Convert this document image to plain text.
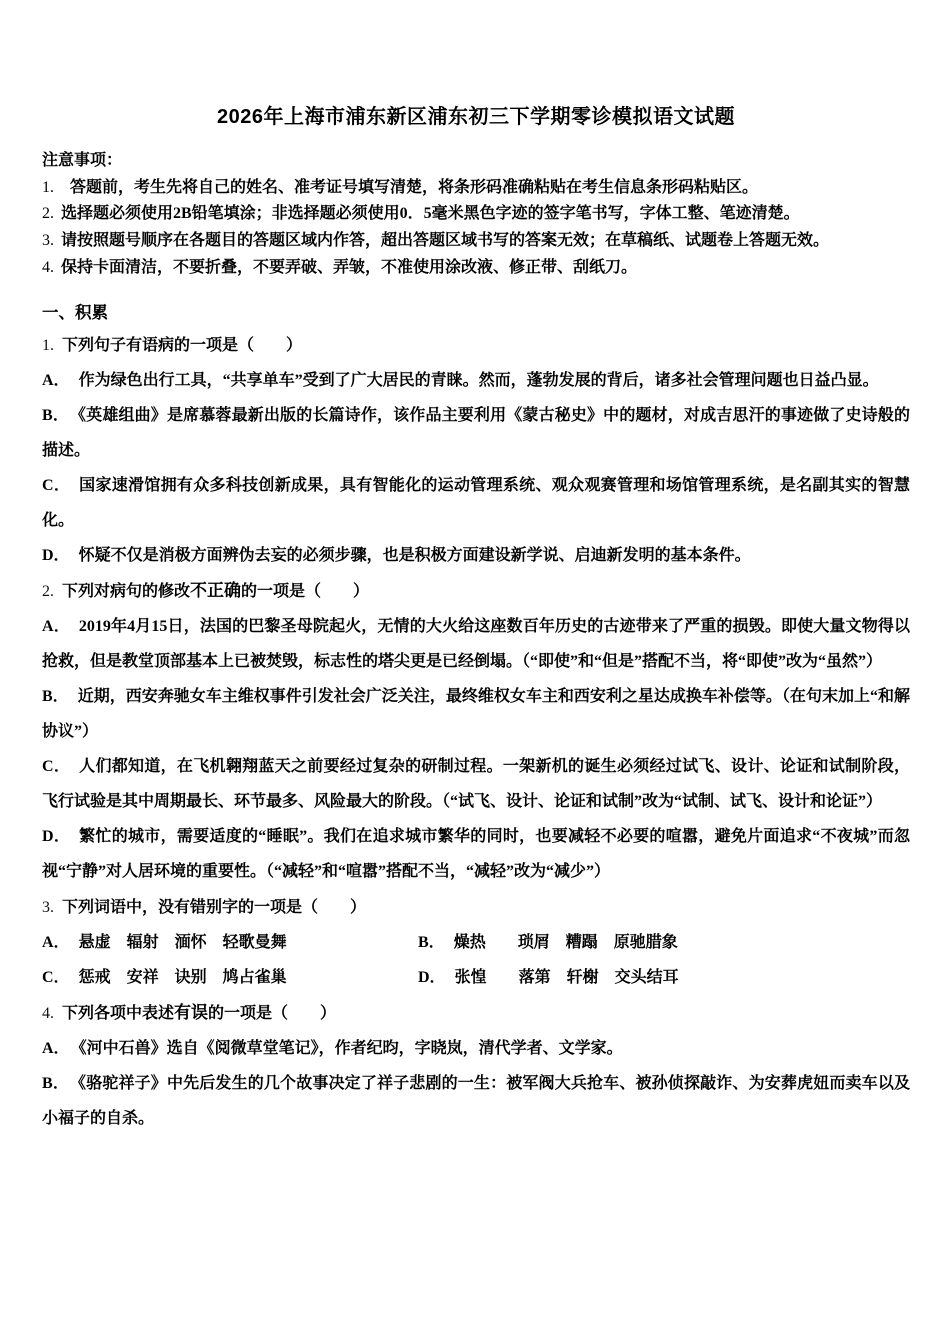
2026年上海市浦东新区浦东初三下学期零诊模拟语文试题

注意事项：

1. 答题前，考生先将自己的姓名、准考证号填写清楚，将条形码准确粘贴在考生信息条形码粘贴区。

2. 选择题必须使用2B铅笔填涂；非选择题必须使用0．5毫米黑色字迹的签字笔书写，字体工整、笔迹清楚。

3. 请按照题号顺序在各题目的答题区域内作答，超出答题区域书写的答案无效；在草稿纸、试题卷上答题无效。

4. 保持卡面清洁，不要折叠，不要弄破、弄皱，不准使用涂改液、修正带、刮纸刀。

一、积累

1. 下列句子有语病的一项是（　　）

A． 作为绿色出行工具，“共享单车”受到了广大居民的青睐。然而，蓬勃发展的背后，诸多社会管理问题也日益凸显。

B． 《英雄组曲》是席慕蓉最新出版的长篇诗作，该作品主要利用《蒙古秘史》中的题材，对成吉思汗的事迹做了史诗般的描述。

C． 国家速滑馆拥有众多科技创新成果，具有智能化的运动管理系统、观众观赛管理和场馆管理系统，是名副其实的智慧化。

D． 怀疑不仅是消极方面辨伪去妄的必须步骤，也是积极方面建设新学说、启迪新发明的基本条件。

2. 下列对病句的修改不正确的一项是（　　）

A． 2019年4月15日，法国的巴黎圣母院起火，无情的大火给这座数百年历史的古迹带来了严重的损毁。即使大量文物得以抢救，但是教堂顶部基本上已被焚毁，标志性的塔尖更是已经倒塌。（“即使”和“但是”搭配不当，将“即使”改为“虽然”）

B． 近期，西安奔驰女车主维权事件引发社会广泛关注，最终维权女车主和西安利之星达成换车补偿等。（在句末加上“和解协议”）

C． 人们都知道，在飞机翱翔蓝天之前要经过复杂的研制过程。一架新机的诞生必须经过试飞、设计、论证和试制阶段，飞行试验是其中周期最长、环节最多、风险最大的阶段。（“试飞、设计、论证和试制”改为“试制、试飞、设计和论证”）

D． 繁忙的城市，需要适度的“睡眠”。我们在追求城市繁华的同时，也要减轻不必要的喧嚣，避免片面追求“不夜城”而忽视“宁静”对人居环境的重要性。（“减轻”和“喧嚣”搭配不当，“减轻”改为“减少”）

3. 下列词语中，没有错别字的一项是（　　）

A． 悬虚　辐射　湎怀　轻歌曼舞	B． 燥热　　琐屑　糟蹋　原驰腊象

C． 惩戒　安祥　诀别　鸠占雀巢	D． 张惶　　落第　轩榭　交头结耳

4. 下列各项中表述有误的一项是（　　）

A． 《河中石兽》选自《阅微草堂笔记》，作者纪昀，字晓岚，清代学者、文学家。

B． 《骆驼祥子》中先后发生的几个故事决定了祥子悲剧的一生：被军阀大兵抢车、被孙侦探敲诈、为安葬虎妞而卖车以及小福子的自杀。
